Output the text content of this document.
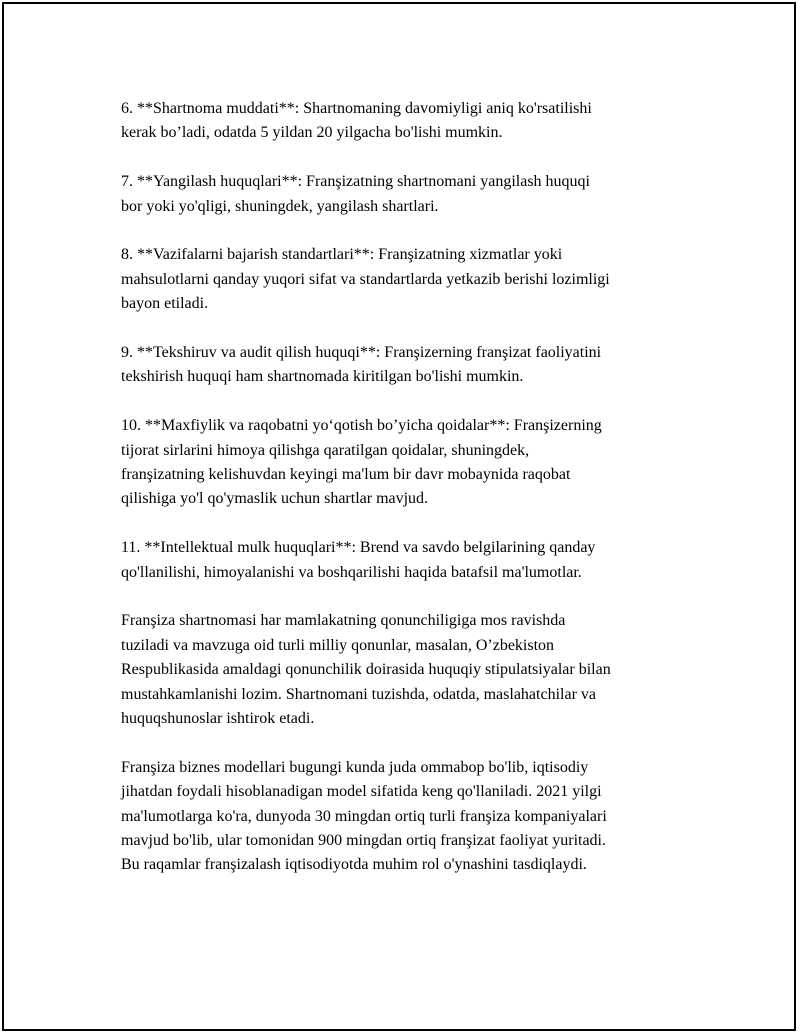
6. **Shartnoma muddati**: Shartnomaning davomiyligi aniq ko'rsatilishi
kerak bo’ladi, odatda 5 yildan 20 yilgacha bo'lishi mumkin.

7. **Yangilash huquqlari**: Franşizatning shartnomani yangilash huquqi
bor yoki yo'qligi, shuningdek, yangilash shartlari.

8. **Vazifalarni bajarish standartlari**: Franşizatning xizmatlar yoki
mahsulotlarni qanday yuqori sifat va standartlarda yetkazib berishi lozimligi
bayon etiladi.

9. **Tekshiruv va audit qilish huquqi**: Franşizerning franşizat faoliyatini
tekshirish huquqi ham shartnomada kiritilgan bo'lishi mumkin.

10. **Maxfiylik va raqobatni yo‘qotish bo’yicha qoidalar**: Franşizerning
tijorat sirlarini himoya qilishga qaratilgan qoidalar, shuningdek,
franşizatning kelishuvdan keyingi ma'lum bir davr mobaynida raqobat
qilishiga yo'l qo'ymaslik uchun shartlar mavjud.

11. **Intellektual mulk huquqlari**: Brend va savdo belgilarining qanday
qo'llanilishi, himoyalanishi va boshqarilishi haqida batafsil ma'lumotlar.

Franşiza shartnomasi har mamlakatning qonunchiligiga mos ravishda
tuziladi va mavzuga oid turli milliy qonunlar, masalan, O’zbekiston
Respublikasida amaldagi qonunchilik doirasida huquqiy stipulatsiyalar bilan
mustahkamlanishi lozim. Shartnomani tuzishda, odatda, maslahatchilar va
huquqshunoslar ishtirok etadi.

Franşiza biznes modellari bugungi kunda juda ommabop bo'lib, iqtisodiy
jihatdan foydali hisoblanadigan model sifatida keng qo'llaniladi. 2021 yilgi
ma'lumotlarga ko'ra, dunyoda 30 mingdan ortiq turli franşiza kompaniyalari
mavjud bo'lib, ular tomonidan 900 mingdan ortiq franşizat faoliyat yuritadi.
Bu raqamlar franşizalash iqtisodiyotda muhim rol o'ynashini tasdiqlaydi.
